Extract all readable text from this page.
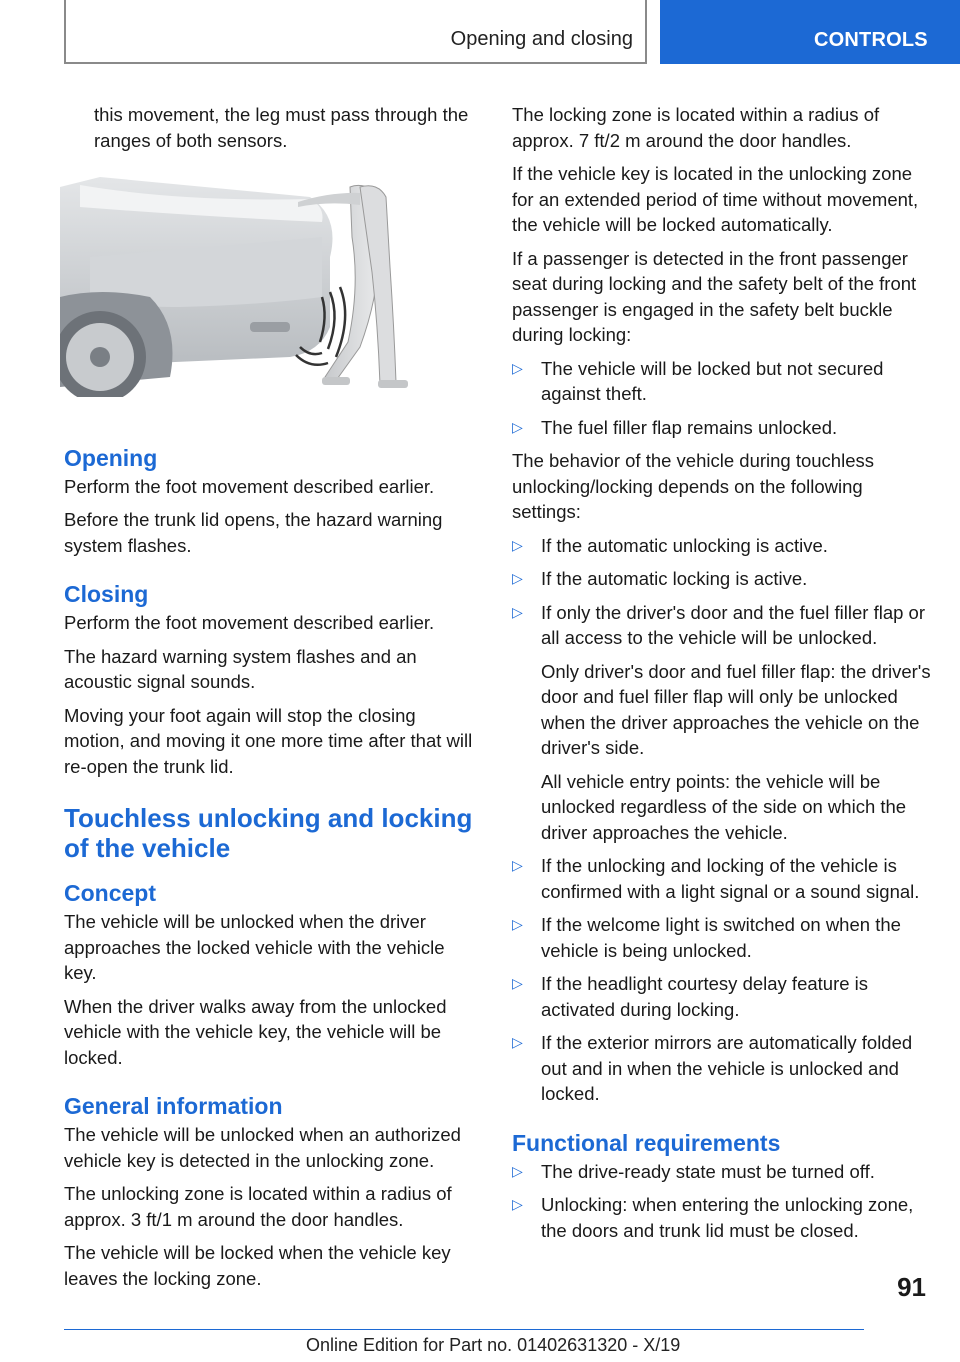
Opening and closing	CONTROLS

this movement, the leg must pass through the ranges of both sensors.

Opening

Perform the foot movement described earlier.

Before the trunk lid opens, the hazard warning system flashes.

Closing

Perform the foot movement described earlier.

The hazard warning system flashes and an acoustic signal sounds.

Moving your foot again will stop the closing motion, and moving it one more time after that will re-open the trunk lid.

Touchless unlocking and locking of the vehicle
Concept

The vehicle will be unlocked when the driver approaches the locked vehicle with the vehicle key.

When the driver walks away from the unlocked vehicle with the vehicle key, the vehicle will be locked.

General information

The vehicle will be unlocked when an authorized vehicle key is detected in the unlocking zone.

The unlocking zone is located within a radius of approx. 3 ft/1 m around the door handles.

The vehicle will be locked when the vehicle key leaves the locking zone.

The locking zone is located within a radius of approx. 7 ft/2 m around the door handles.

If the vehicle key is located in the unlocking zone for an extended period of time without movement, the vehicle will be locked automatically.

If a passenger is detected in the front passenger seat during locking and the safety belt of the front passenger is engaged in the safety belt buckle during locking:

▷ The vehicle will be locked but not secured against theft.
▷ The fuel filler flap remains unlocked.

The behavior of the vehicle during touchless unlocking/locking depends on the following settings:

▷ If the automatic unlocking is active.
▷ If the automatic locking is active.
▷ If only the driver's door and the fuel filler flap or all access to the vehicle will be unlocked.
Only driver's door and fuel filler flap: the driver's door and fuel filler flap will only be unlocked when the driver approaches the vehicle on the driver's side.
All vehicle entry points: the vehicle will be unlocked regardless of the side on which the driver approaches the vehicle.
▷ If the unlocking and locking of the vehicle is confirmed with a light signal or a sound signal.
▷ If the welcome light is switched on when the vehicle is being unlocked.
▷ If the headlight courtesy delay feature is activated during locking.
▷ If the exterior mirrors are automatically folded out and in when the vehicle is unlocked and locked.
Functional requirements
▷ The drive-ready state must be turned off.
▷ Unlocking: when entering the unlocking zone, the doors and trunk lid must be closed.
91
Online Edition for Part no. 01402631320 - X/19
